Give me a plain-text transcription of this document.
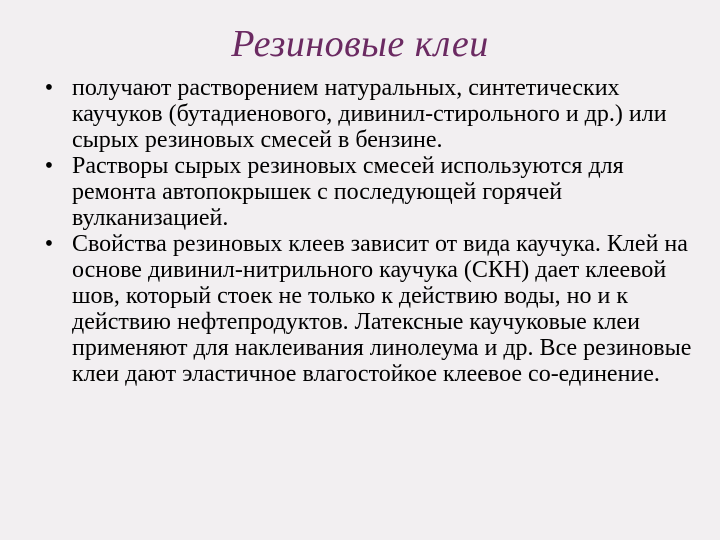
Резиновые клеи
• получают растворением натуральных, синтетических каучуков (бутадиенового, дивинил-стирольного и др.) или сырых резиновых смесей в бензине.
• Растворы сырых резиновых смесей используются для ремонта автопокрышек с последующей горячей вулканизацией.
• Свойства резиновых клеев зависит от вида каучука. Клей на основе дивинил-нитрильного каучука (СКН) дает клеевой шов, который стоек не только к действию воды, но и к действию нефтепродуктов. Латексные каучуковые клеи применяют для наклеивания линолеума и др. Все резиновые клеи дают эластичное влагостойкое клеевое со-единение.
